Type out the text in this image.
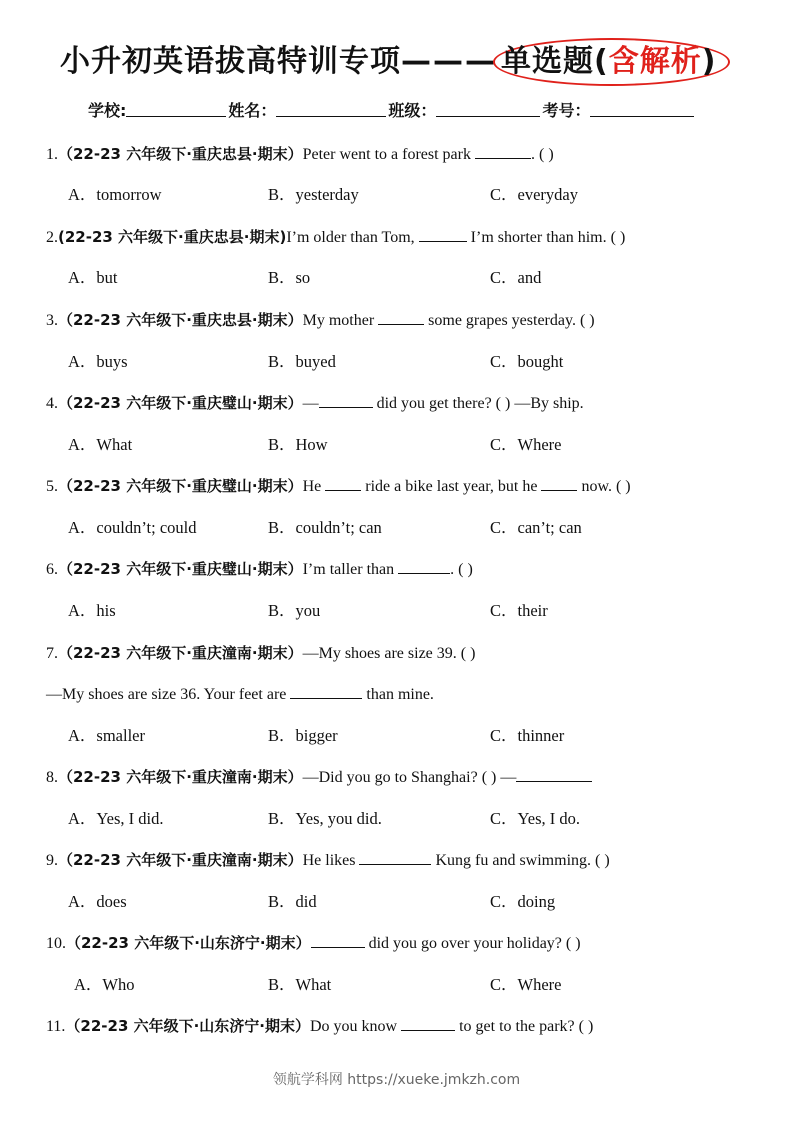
小升初英语拔高特训专项——— 单选题(含解析)
学校:	姓名：	班级：	考号：
1.（22-23 六年级下·重庆忠县·期末）Peter went to a forest park	. ( )
A．tomorrow	B．yesterday	C．everyday
2.(22-23 六年级下·重庆忠县·期末)I’m older than Tom,	I’m shorter than him. ( )
A．but	B．so	C．and
3.（22-23 六年级下·重庆忠县·期末）My mother	some grapes yesterday. ( )
A．buys	B．buyed	C．bought
4.（22-23 六年级下·重庆璧山·期末）—	did you get there? ( ) —By ship.
A．What	B．How	C．Where
5.（22-23 六年级下·重庆璧山·期末）He	ride a bike last year, but he	now. ( )
A．couldn’t; could	B．couldn’t; can	C．can’t; can
6.（22-23 六年级下·重庆璧山·期末）I’m taller than	. ( )
A．his	B．you	C．their
7.（22-23 六年级下·重庆潼南·期末）—My shoes are size 39. ( )
—My shoes are size 36. Your feet are	than mine.
A．smaller	B．bigger	C．thinner
8.（22-23 六年级下·重庆潼南·期末）—Did you go to Shanghai? ( ) —
A．Yes, I did.	B．Yes, you did.	C．Yes, I do.
9.（22-23 六年级下·重庆潼南·期末）He likes	Kung fu and swimming. ( )
A．does	B．did	C．doing
10.（22-23 六年级下·山东济宁·期末）	did you go over your holiday? ( )
A．Who	B．What	C．Where
11.（22-23 六年级下·山东济宁·期末）Do you know	to get to the park? ( )
领航学科网 https://xueke.jmkzh.com
